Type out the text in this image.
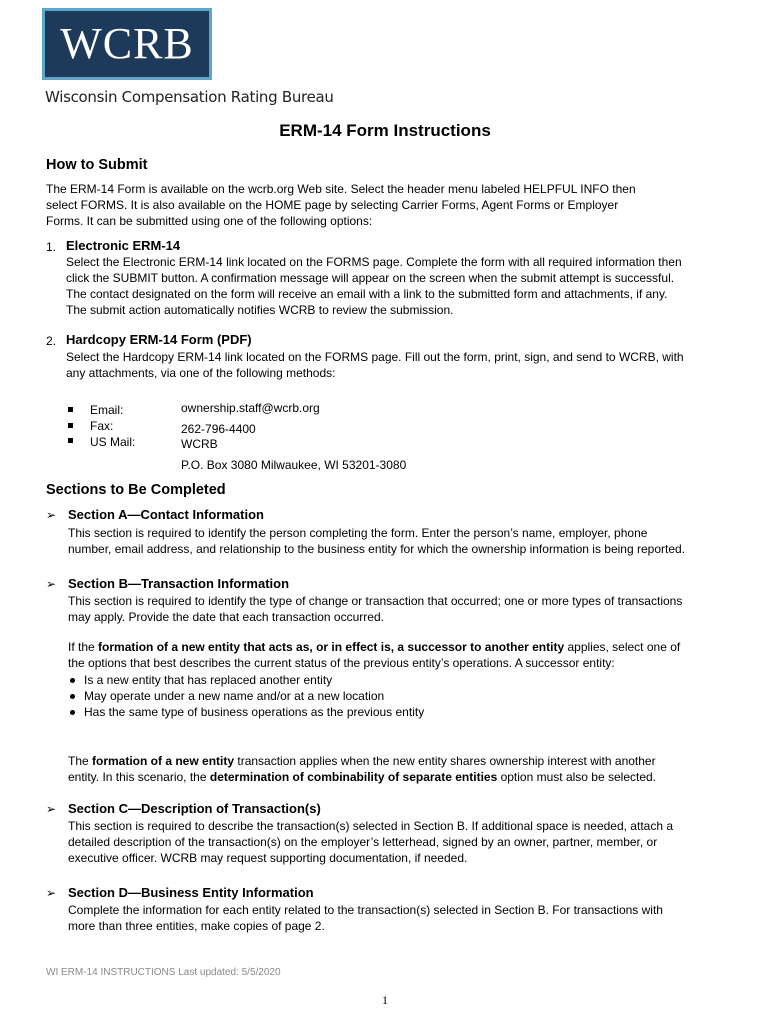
WCRB
Wisconsin Compensation Rating Bureau
ERM-14 Form Instructions
How to Submit
The ERM-14 Form is available on the wcrb.org Web site. Select the header menu labeled HELPFUL INFO then
select FORMS. It is also available on the HOME page by selecting Carrier Forms, Agent Forms or Employer
Forms. It can be submitted using one of the following options:
1. Electronic ERM-14
Select the Electronic ERM-14 link located on the FORMS page. Complete the form with all required information then
click the SUBMIT button. A confirmation message will appear on the screen when the submit attempt is successful.
The contact designated on the form will receive an email with a link to the submitted form and attachments, if any.
The submit action automatically notifies WCRB to review the submission.
2. Hardcopy ERM-14 Form (PDF)
Select the Hardcopy ERM-14 link located on the FORMS page. Fill out the form, print, sign, and send to WCRB, with
any attachments, via one of the following methods:
Email:
Fax:
US Mail:
ownership.staff@wcrb.org
262-796-4400
WCRB
P.O. Box 3080 Milwaukee, WI 53201-3080
Sections to Be Completed
➢ Section A—Contact Information
This section is required to identify the person completing the form. Enter the person’s name, employer, phone
number, email address, and relationship to the business entity for which the ownership information is being reported.
➢ Section B—Transaction Information
This section is required to identify the type of change or transaction that occurred; one or more types of transactions
may apply. Provide the date that each transaction occurred.
If the formation of a new entity that acts as, or in effect is, a successor to another entity applies, select one of
the options that best describes the current status of the previous entity’s operations. A successor entity:
Is a new entity that has replaced another entity
May operate under a new name and/or at a new location
Has the same type of business operations as the previous entity
The formation of a new entity transaction applies when the new entity shares ownership interest with another
entity. In this scenario, the determination of combinability of separate entities option must also be selected.
➢ Section C—Description of Transaction(s)
This section is required to describe the transaction(s) selected in Section B. If additional space is needed, attach a
detailed description of the transaction(s) on the employer’s letterhead, signed by an owner, partner, member, or
executive officer. WCRB may request supporting documentation, if needed.
➢ Section D—Business Entity Information
Complete the information for each entity related to the transaction(s) selected in Section B. For transactions with
more than three entities, make copies of page 2.
WI ERM-14 INSTRUCTIONS Last updated: 5/5/2020
1
